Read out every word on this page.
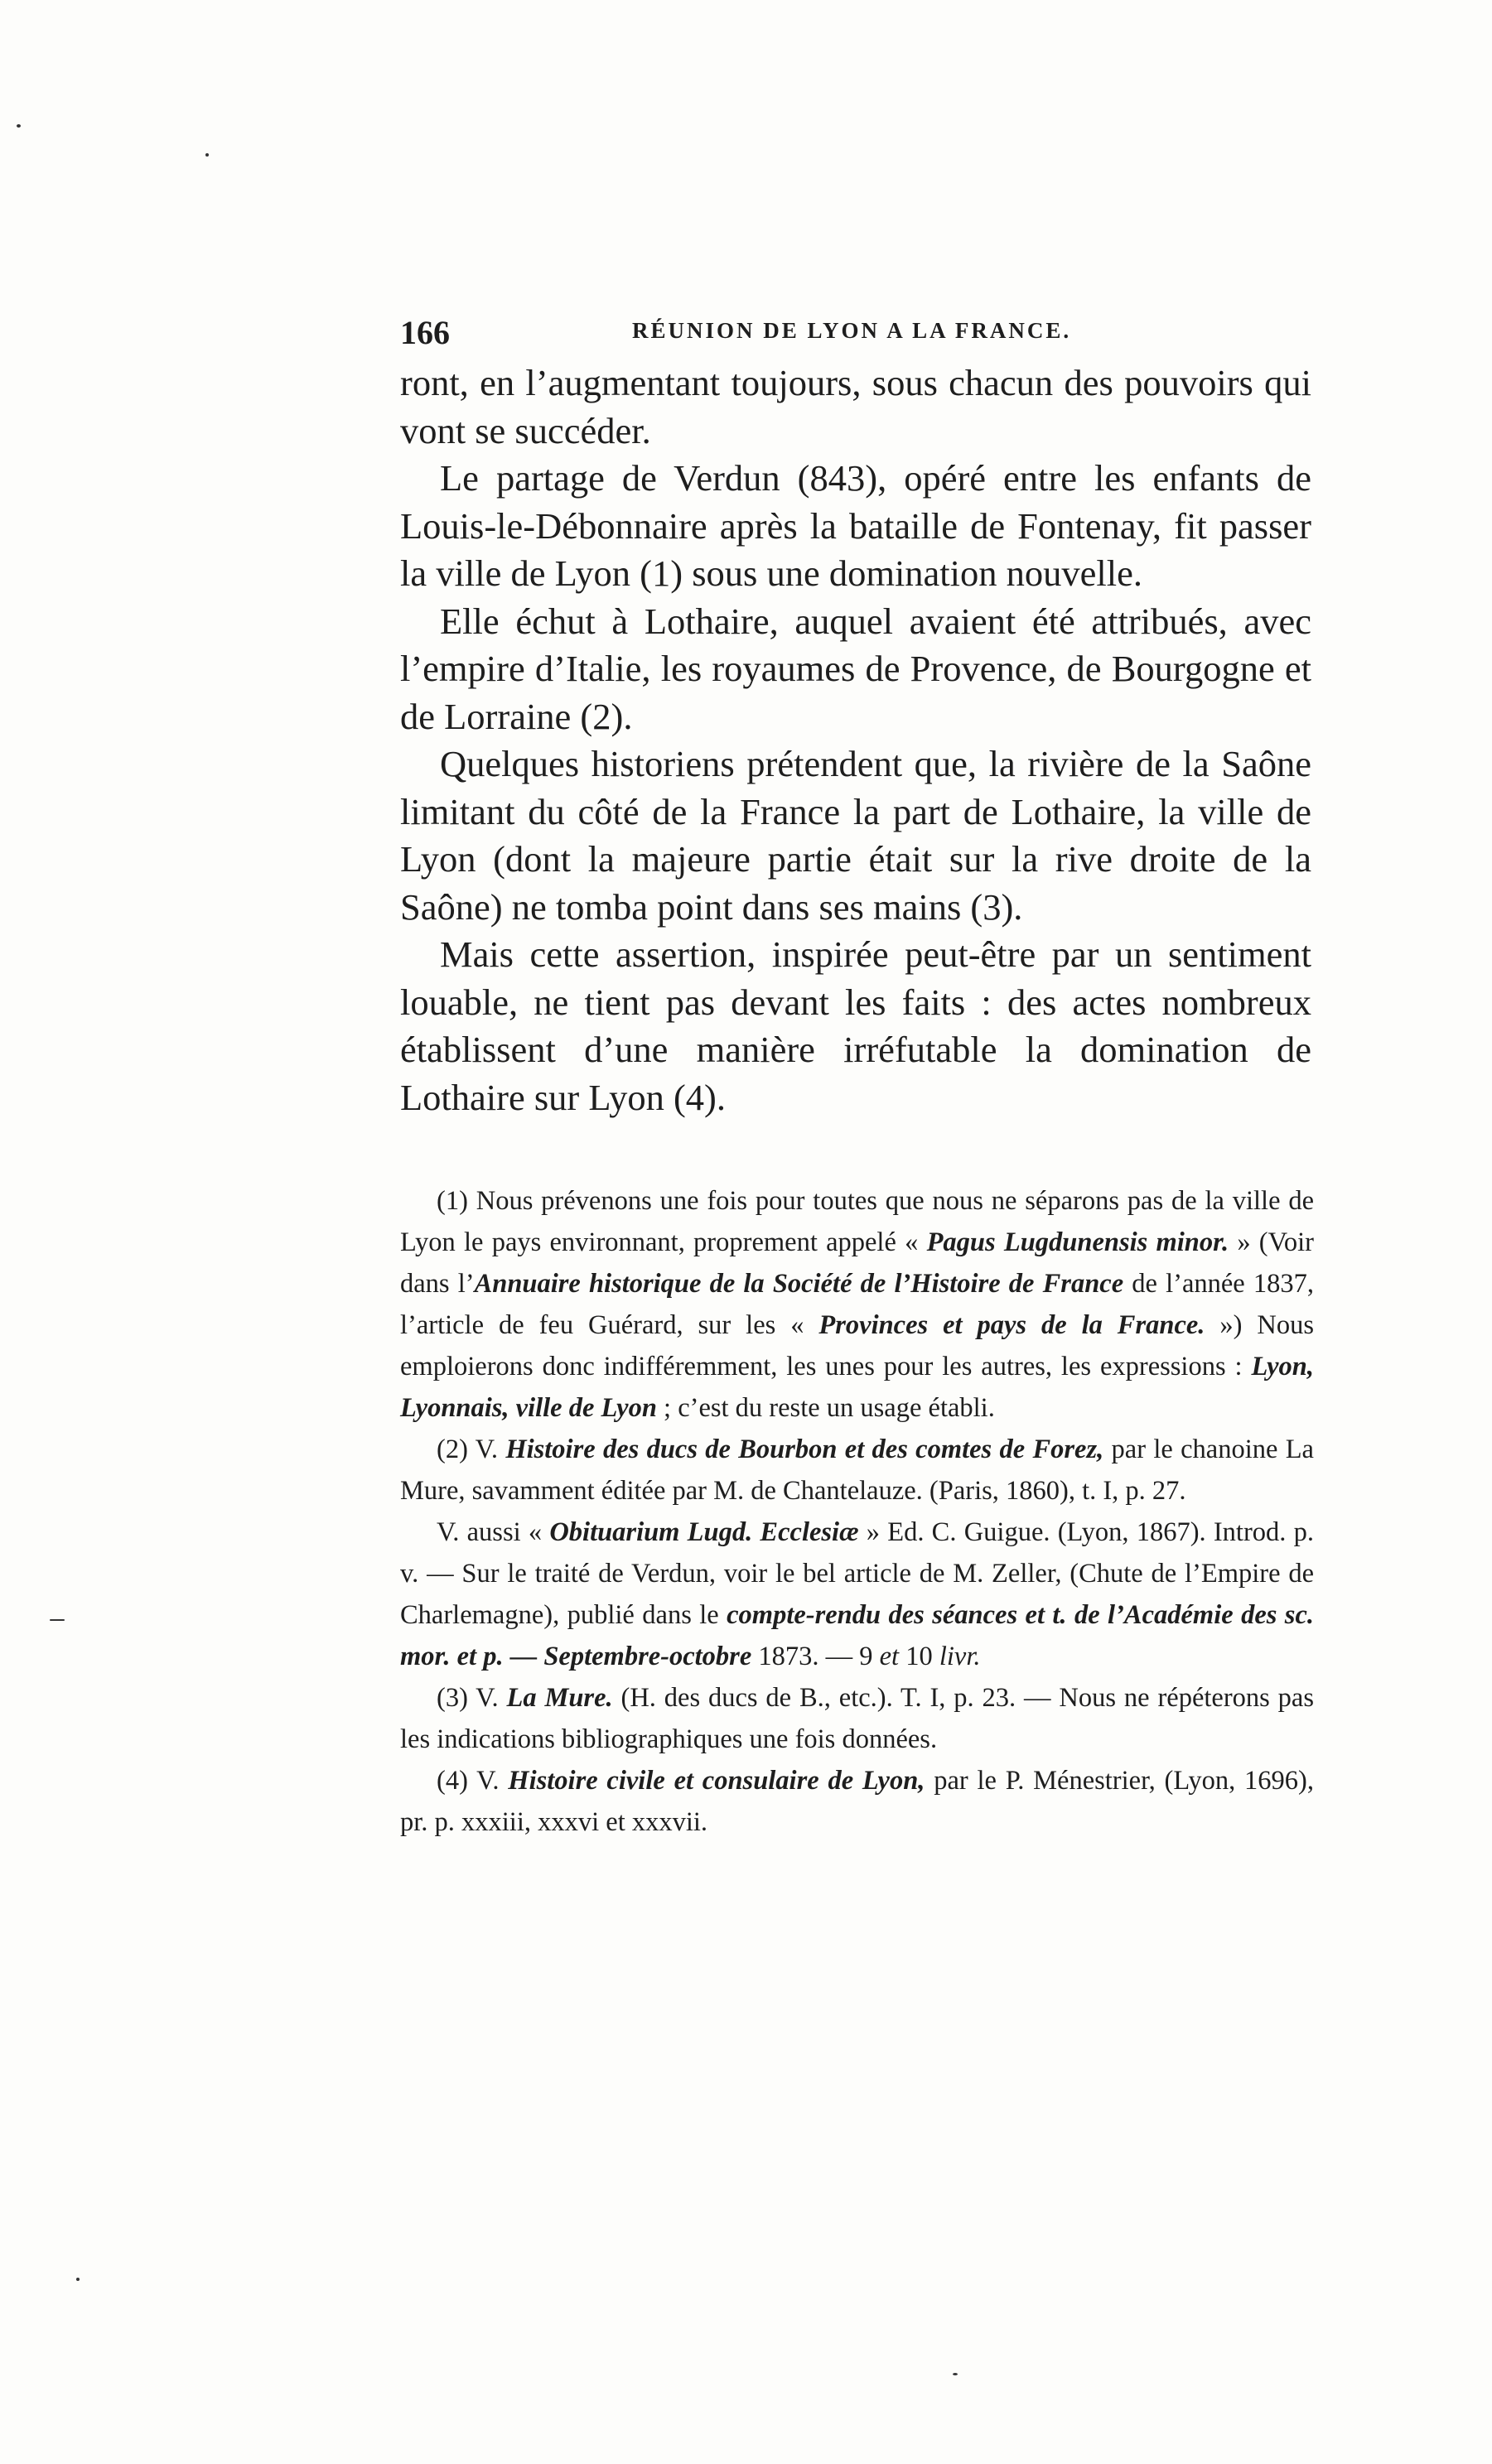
166	RÉUNION DE LYON A LA FRANCE.

ront, en l’augmentant toujours, sous chacun des pouvoirs qui vont se succéder.

Le partage de Verdun (843), opéré entre les enfants de Louis-le-Débonnaire après la bataille de Fontenay, fit passer la ville de Lyon (1) sous une domination nouvelle.

Elle échut à Lothaire, auquel avaient été attribués, avec l’empire d’Italie, les royaumes de Provence, de Bourgogne et de Lorraine (2).

Quelques historiens prétendent que, la rivière de la Saône limitant du côté de la France la part de Lothaire, la ville de Lyon (dont la majeure partie était sur la rive droite de la Saône) ne tomba point dans ses mains (3).

Mais cette assertion, inspirée peut-être par un sentiment louable, ne tient pas devant les faits : des actes nombreux établissent d’une manière irréfutable la domination de Lothaire sur Lyon (4).

(1) Nous prévenons une fois pour toutes que nous ne séparons pas de la ville de Lyon le pays environnant, proprement appelé « Pagus Lugdunensis minor. » (Voir dans l’Annuaire historique de la Société de l’Histoire de France de l’année 1837, l’article de feu Guérard, sur les « Provinces et pays de la France. ») Nous emploierons donc indifféremment, les unes pour les autres, les expressions : Lyon, Lyonnais, ville de Lyon ; c’est du reste un usage établi.

(2) V. Histoire des ducs de Bourbon et des comtes de Forez, par le chanoine La Mure, savamment éditée par M. de Chantelauze. (Paris, 1860), t. I, p. 27.

V. aussi « Obituarium Lugd. Ecclesiæ » Ed. C. Guigue. (Lyon, 1867). Introd. p. v. — Sur le traité de Verdun, voir le bel article de M. Zeller, (Chute de l’Empire de Charlemagne), publié dans le compte-rendu des séances et t. de l’Académie des sc. mor. et p. — Septembre-octobre 1873. — 9 et 10 livr.

(3) V. La Mure. (H. des ducs de B., etc.). T. I, p. 23. — Nous ne répéterons pas les indications bibliographiques une fois données.

(4) V. Histoire civile et consulaire de Lyon, par le P. Ménestrier, (Lyon, 1696), pr. p. xxxiii, xxxvi et xxxvii.
